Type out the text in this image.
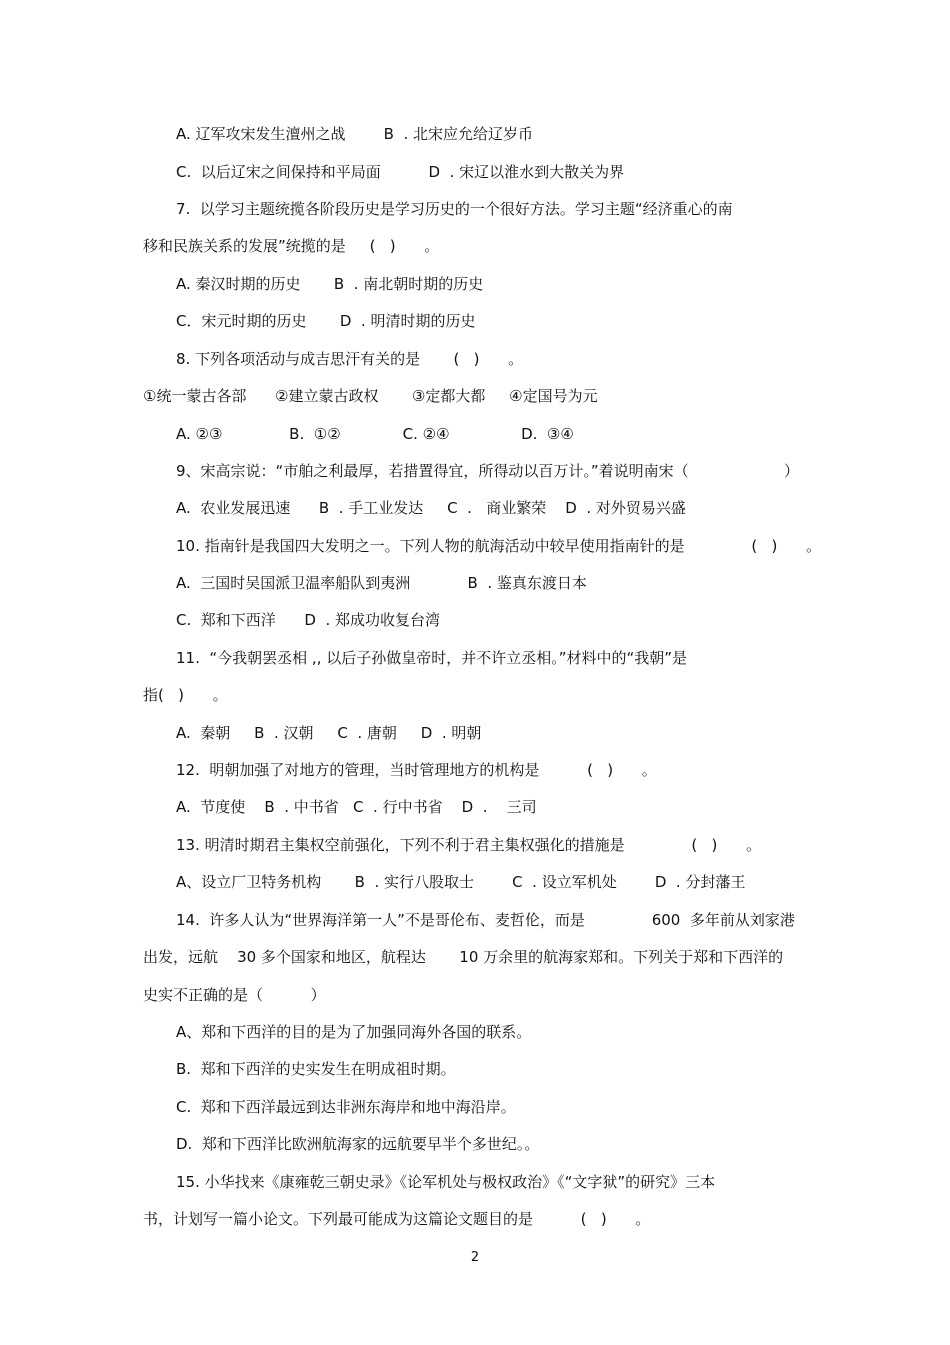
A. 辽军攻宋发生澶州之战        B  . 北宋应允给辽岁币
C.  以后辽宋之间保持和平局面          D  . 宋辽以淮水到大散关为界
7.  以学习主题统揽各阶段历史是学习历史的一个很好方法。学习主题“经济重心的南
移和民族关系的发展”统揽的是     (   )      。
A. 秦汉时期的历史       B  . 南北朝时期的历史
C．宋元时期的历史       D  . 明清时期的历史
8. 下列各项活动与成吉思汗有关的是       (   )      。
①统一蒙古各部      ②建立蒙古政权       ③定都大都     ④定国号为元
A. ②③              B.  ①②             C. ②④               D.  ③④
9、宋高宗说：“市舶之利最厚，若措置得宜，所得动以百万计。”着说明南宋（                    ）
A.  农业发展迅速      B  . 手工业发达     C  .   商业繁荣    D  . 对外贸易兴盛
10. 指南针是我国四大发明之一。下列人物的航海活动中较早使用指南针的是              (   )      。
A.  三国时吴国派卫温率船队到夷洲            B  . 鉴真东渡日本
C.  郑和下西洋      D  . 郑成功收复台湾
11.  “今我朝罢丞相 ,, 以后子孙做皇帝时，并不许立丞相。”材料中的“我朝”是
指(   )      。
A.  秦朝     B  . 汉朝     C  . 唐朝     D  . 明朝
12.  明朝加强了对地方的管理，当时管理地方的机构是          (   )      。
A.  节度使    B  . 中书省   C  . 行中书省    D  .    三司
13. 明清时期君主集权空前强化，下列不利于君主集权强化的措施是              (   )      。
A、设立厂卫特务机构       B  . 实行八股取士        C  . 设立军机处        D  . 分封藩王
14.  许多人认为“世界海洋第一人”不是哥伦布、麦哲伦，而是              600  多年前从刘家港
出发，远航    30 多个国家和地区，航程达       10 万余里的航海家郑和。下列关于郑和下西洋的
史实不正确的是（          ）
A、郑和下西洋的目的是为了加强同海外各国的联系。
B.  郑和下西洋的史实发生在明成祖时期。
C.  郑和下西洋最远到达非洲东海岸和地中海沿岸。
D.  郑和下西洋比欧洲航海家的远航要早半个多世纪。。
15. 小华找来《康雍乾三朝史录》《论军机处与极权政治》《“文字狱”的研究》三本
书，计划写一篇小论文。下列最可能成为这篇论文题目的是          (   )      。
2
